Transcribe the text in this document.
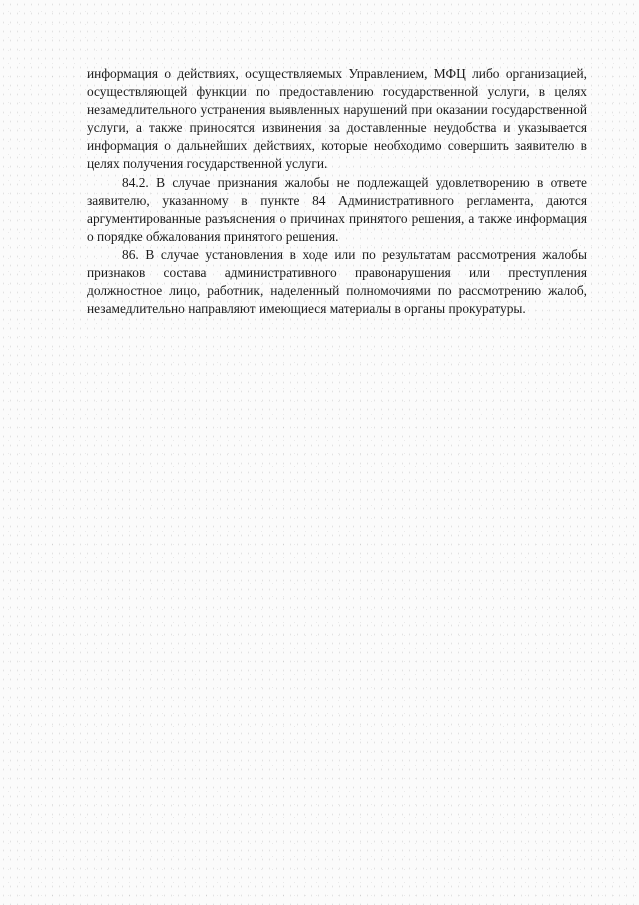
информация о действиях, осуществляемых Управлением, МФЦ либо организацией, осуществляющей функции по предоставлению государственной услуги, в целях незамедлительного устранения выявленных нарушений при оказании государственной услуги, а также приносятся извинения за доставленные неудобства и указывается информация о дальнейших действиях, которые необходимо совершить заявителю в целях получения государственной услуги.

84.2. В случае признания жалобы не подлежащей удовлетворению в ответе заявителю, указанному в пункте 84 Административного регламента, даются аргументированные разъяснения о причинах принятого решения, а также информация о порядке обжалования принятого решения.

86. В случае установления в ходе или по результатам рассмотрения жалобы признаков состава административного правонарушения или преступления должностное лицо, работник, наделенный полномочиями по рассмотрению жалоб, незамедлительно направляют имеющиеся материалы в органы прокуратуры.
